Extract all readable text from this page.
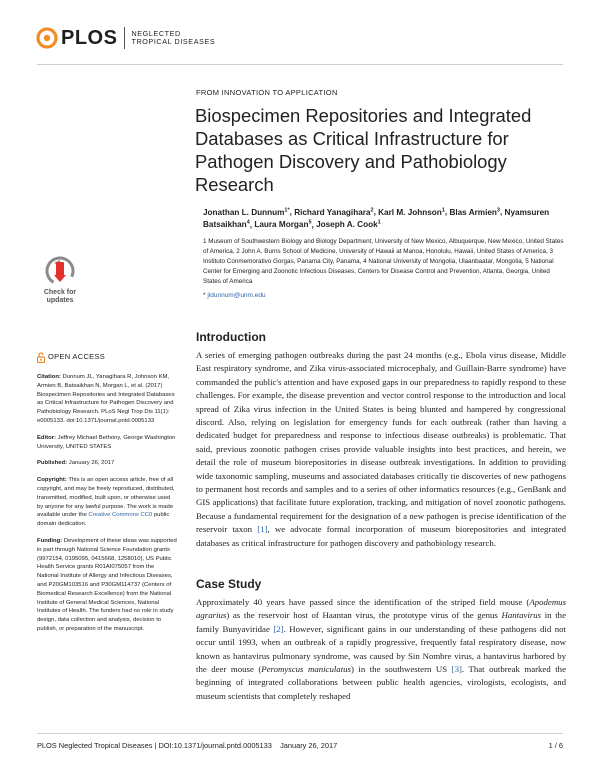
PLOS NEGLECTED
TROPICAL DISEASES
FROM INNOVATION TO APPLICATION
Biospecimen Repositories and Integrated Databases as Critical Infrastructure for Pathogen Discovery and Pathobiology Research
Jonathan L. Dunnum$^{1*}$, Richard Yanagihara$^2$, Karl M. Johnson$^1$, Blas Armien$^3$, Nyamsuren Batsaikhan$^4$, Laura Morgan$^5$, Joseph A. Cook$^1$
1 Museum of Southwestern Biology and Biology Department, University of New Mexico, Albuquerque, New Mexico, United States of America, 2 John A. Burns School of Medicine, University of Hawaii at Manoa, Honolulu, Hawaii, United States of America, 3 Instituto Conmemorativo Gorgas, Panama City, Panama, 4 National University of Mongolia, Ulaanbaatar, Mongolia, 5 National Center for Emerging and Zoonotic Infectious Diseases, Centers for Disease Control and Prevention, Atlanta, Georgia, United States of America
* jldunnum@unm.edu
Check for
updates
OPEN ACCESS
Citation: Dunnum JL, Yanagihara R, Johnson KM, Armien B, Batsaikhan N, Morgan L, et al. (2017) Biospecimen Repositories and Integrated Databases as Critical Infrastructure for Pathogen Discovery and Pathobiology Research. PLoS Negl Trop Dis 11(1): e0005133. doi:10.1371/journal.pntd.0005133
Editor: Jeffrey Michael Bethony, George Washington University, UNITED STATES
Published: January 26, 2017
Copyright: This is an open access article, free of all copyright, and may be freely reproduced, distributed, transmitted, modified, built upon, or otherwise used by anyone for any lawful purpose. The work is made available under the Creative Commons CC0 public domain dedication.
Funding: Development of these ideas was supported in part through National Science Foundation grants (9972154, 0195095, 0415668, 1258010), US Public Health Service grants R01AI075057 from the National Institute of Allergy and Infectious Diseases, and P20GM103516 and P30GM114737 (Centers of Biomedical Research Excellence) from the National Institute of General Medical Sciences, National Institutes of Health. The funders had no role in study design, data collection and analysis, decision to publish, or preparation of the manuscript.
Introduction

A series of emerging pathogen outbreaks during the past 24 months (e.g., Ebola virus disease, Middle East respiratory syndrome, and Zika virus-associated microcephaly, and Guillain-Barre syndrome) have commanded the public's attention and have exposed gaps in our preparedness to rapidly respond to these challenges. For example, the disease prevention and vector control response to the introduction and local spread of Zika virus infection in the United States is being blunted and hampered by congressional discord. Also, relying on legislation for emergency funds for each outbreak (rather than having a dedicated budget for preparedness and response to infectious disease outbreaks) is problematic. That said, previous zoonotic pathogen crises provide valuable insights into best practices, and herein, we detail the role of museum biorepositories in disease outbreak investigations. In addition to providing wide taxonomic sampling, museums and associated databases critically tie discoveries of new pathogens to permanent host records and samples and to a series of other informatics resources (e.g., GenBank and GIS applications) that facilitate future exploration, tracking, and mitigation of novel zoonotic pathogens. Because a fundamental requirement for the designation of a new pathogen is precise identification of the reservoir taxon [1], we advocate formal incorporation of museum biorepositories and integrated databases as critical infrastructure for pathogen discovery and pathobiology research.

Case Study

Approximately 40 years have passed since the identification of the striped field mouse (Apodemus agrarius) as the reservoir host of Haantan virus, the prototype virus of the genus Hantavirus in the family Bunyaviridae [2]. However, significant gains in our understanding of these pathogens did not occur until 1993, when an outbreak of a rapidly progressive, frequently fatal respiratory disease, now known as hantavirus pulmonary syndrome, was caused by Sin Nombre virus, a hantavirus harbored by the deer mouse (Peromyscus maniculatus) in the southwestern US [3]. That outbreak marked the beginning of integrated collaborations between public health agencies, virologists, ecologists, and museum scientists that completely reshaped

PLOS Neglected Tropical Diseases | DOI:10.1371/journal.pntd.0005133    January 26, 2017	1 / 6
